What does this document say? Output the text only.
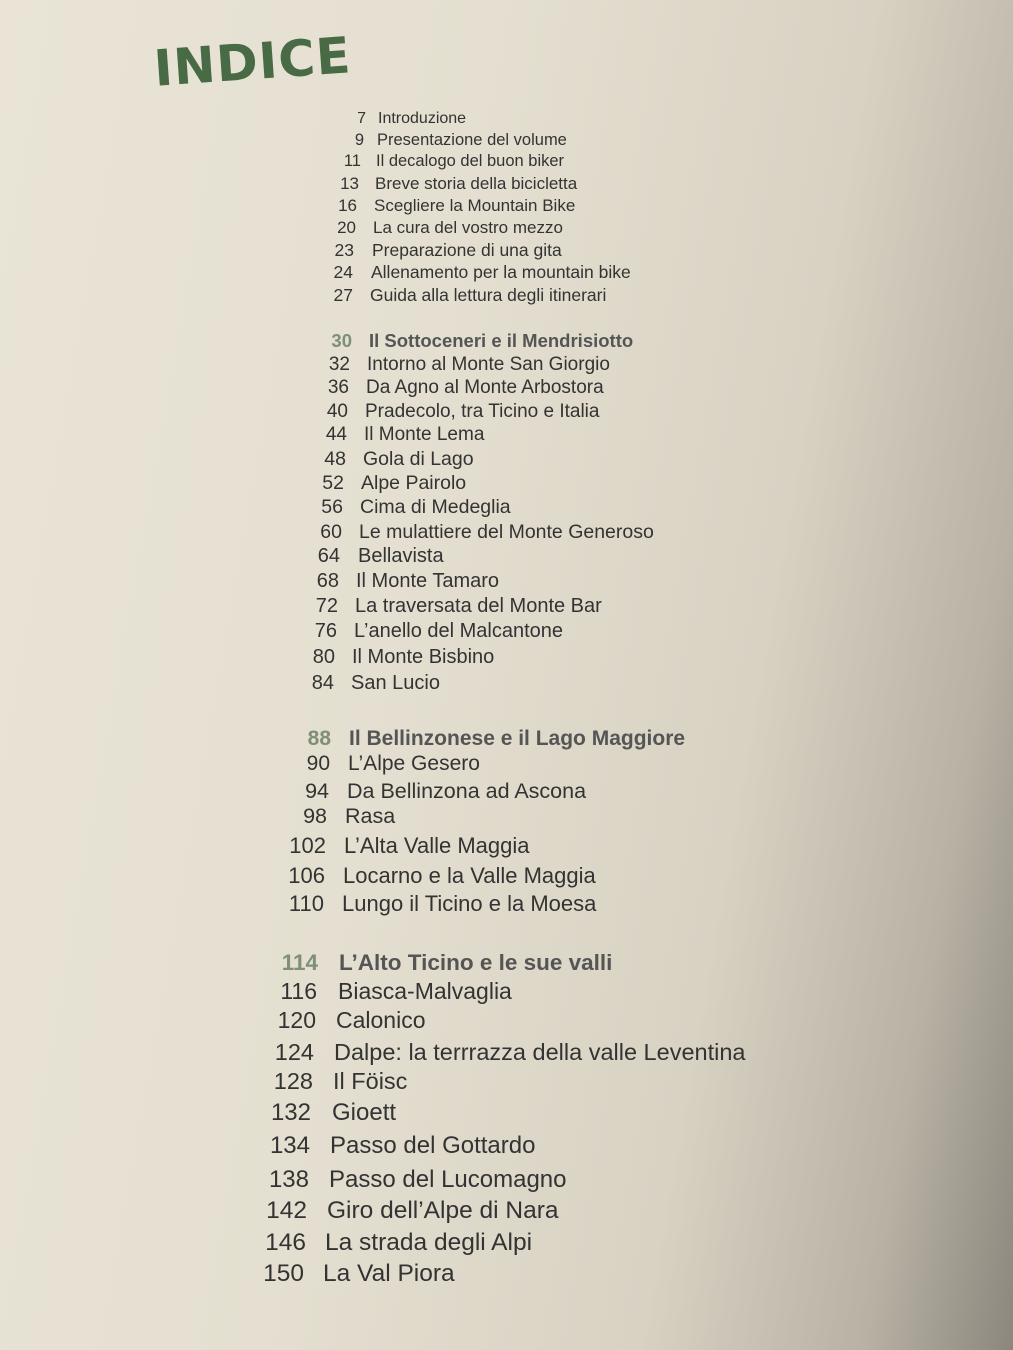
INDICE
7 Introduzione
9 Presentazione del volume
11 Il decalogo del buon biker
13 Breve storia della bicicletta
16 Scegliere la Mountain Bike
20 La cura del vostro mezzo
23 Preparazione di una gita
24 Allenamento per la mountain bike
27 Guida alla lettura degli itinerari
30 Il Sottoceneri e il Mendrisiotto
32 Intorno al Monte San Giorgio
36 Da Agno al Monte Arbostora
40 Pradecolo, tra Ticino e Italia
44 Il Monte Lema
48 Gola di Lago
52 Alpe Pairolo
56 Cima di Medeglia
60 Le mulattiere del Monte Generoso
64 Bellavista
68 Il Monte Tamaro
72 La traversata del Monte Bar
76 L’anello del Malcantone
80 Il Monte Bisbino
84 San Lucio
88 Il Bellinzonese e il Lago Maggiore
90 L’Alpe Gesero
94 Da Bellinzona ad Ascona
98 Rasa
102 L’Alta Valle Maggia
106 Locarno e la Valle Maggia
110 Lungo il Ticino e la Moesa
114 L’Alto Ticino e le sue valli
116 Biasca-Malvaglia
120 Calonico
124 Dalpe: la terrrazza della valle Leventina
128 Il Föisc
132 Gioett
134 Passo del Gottardo
138 Passo del Lucomagno
142 Giro dell’Alpe di Nara
146 La strada degli Alpi
150 La Val Piora
